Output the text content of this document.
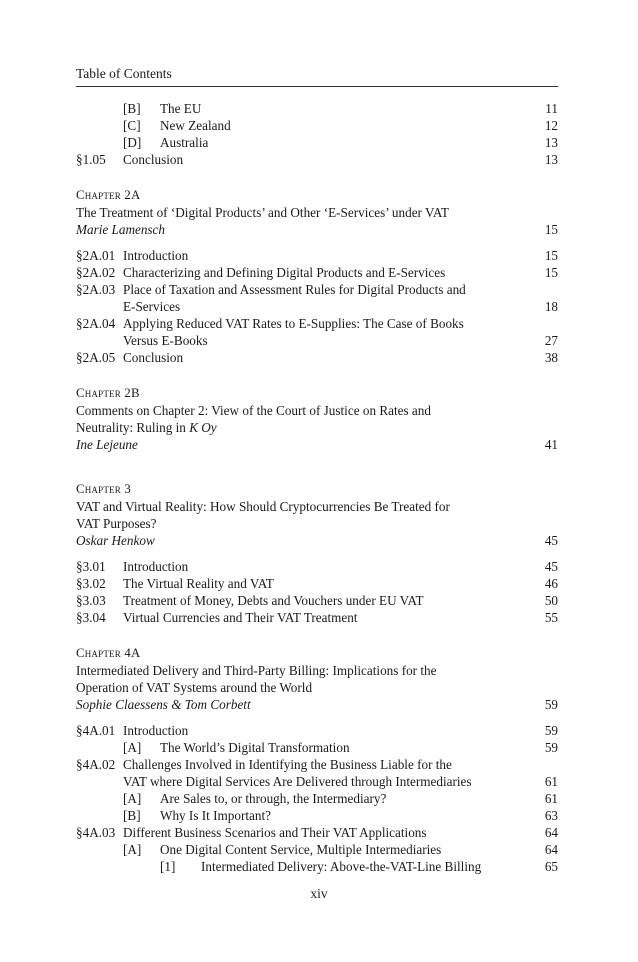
Table of Contents
[B]	The EU	11
[C]	New Zealand	12
[D]	Australia	13
§1.05	Conclusion	13
Chapter 2A
The Treatment of ‘Digital Products’ and Other ‘E-Services’ under VAT
Marie Lamensch	15
§2A.01 Introduction	15
§2A.02 Characterizing and Defining Digital Products and E-Services	15
§2A.03 Place of Taxation and Assessment Rules for Digital Products and
E-Services	18
§2A.04 Applying Reduced VAT Rates to E-Supplies: The Case of Books
Versus E-Books	27
§2A.05 Conclusion	38
Chapter 2B
Comments on Chapter 2: View of the Court of Justice on Rates and
Neutrality: Ruling in K Oy
Ine Lejeune	41
Chapter 3
VAT and Virtual Reality: How Should Cryptocurrencies Be Treated for
VAT Purposes?
Oskar Henkow	45
§3.01	Introduction	45
§3.02	The Virtual Reality and VAT	46
§3.03	Treatment of Money, Debts and Vouchers under EU VAT	50
§3.04	Virtual Currencies and Their VAT Treatment	55
Chapter 4A
Intermediated Delivery and Third-Party Billing: Implications for the
Operation of VAT Systems around the World
Sophie Claessens & Tom Corbett	59
§4A.01 Introduction	59
[A]	The World’s Digital Transformation	59
§4A.02 Challenges Involved in Identifying the Business Liable for the
VAT where Digital Services Are Delivered through Intermediaries	61
[A]	Are Sales to, or through, the Intermediary?	61
[B]	Why Is It Important?	63
§4A.03 Different Business Scenarios and Their VAT Applications	64
[A]	One Digital Content Service, Multiple Intermediaries	64
[1]	Intermediated Delivery: Above-the-VAT-Line Billing	65
xiv
